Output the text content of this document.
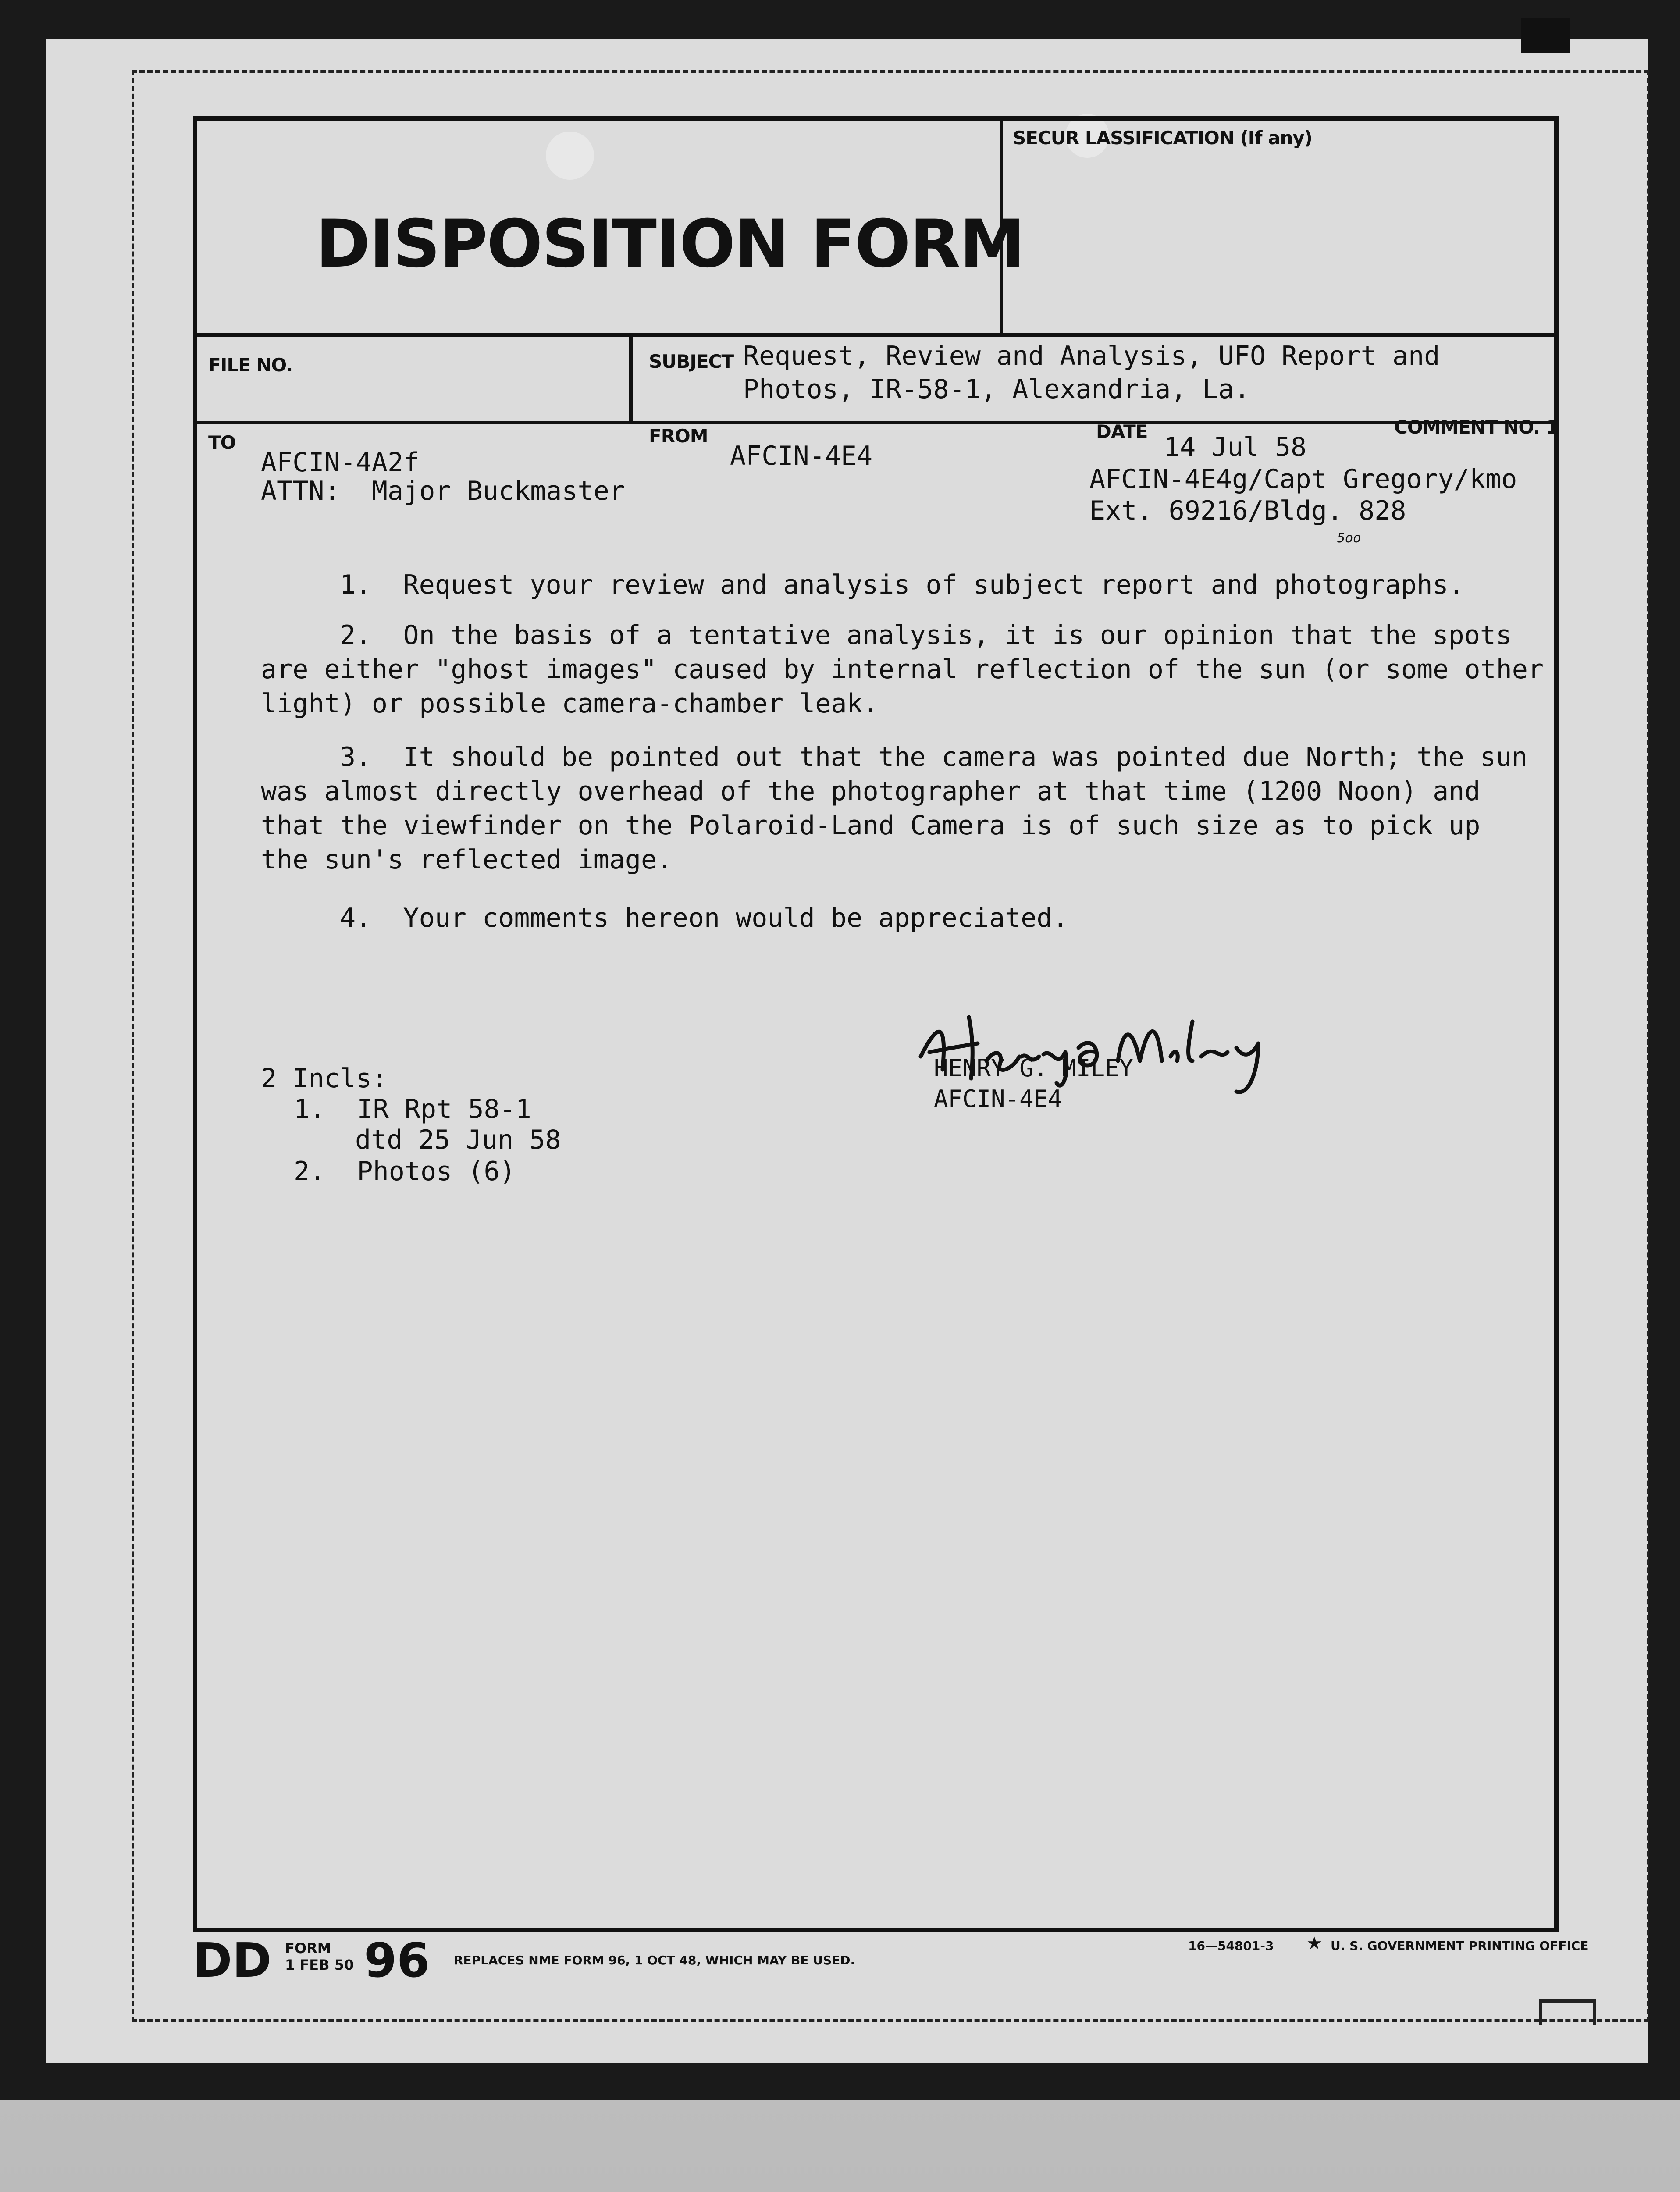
DISPOSITION FORM
SECUR LASSIFICATION (If any)
FILE NO.	SUBJECT Request, Review and Analysis, UFO Report and
Photos, IR-58-1, Alexandria, La.
TO
AFCIN-4A2f
ATTN:  Major Buckmaster
FROM
AFCIN-4E4
DATE
14 Jul 58
COMMENT NO. 1
AFCIN-4E4g/Capt Gregory/kmo
Ext. 69216/Bldg. 828
5oo
1.  Request your review and analysis of subject report and photographs.
2.  On the basis of a tentative analysis, it is our opinion that the spots
are either "ghost images" caused by internal reflection of the sun (or some other
light) or possible camera-chamber leak.
3.  It should be pointed out that the camera was pointed due North; the sun
was almost directly overhead of the photographer at that time (1200 Noon) and
that the viewfinder on the Polaroid-Land Camera is of such size as to pick up
the sun's reflected image.
4.  Your comments hereon would be appreciated.
HENRY G. MILEY
AFCIN-4E4
2 Incls:
1.  IR Rpt 58-1
dtd 25 Jun 58
2.  Photos (6)
DD FORM
1 FEB 50 96 REPLACES NME FORM 96, 1 OCT 48, WHICH MAY BE USED.
16—54801-3 ★ U. S. GOVERNMENT PRINTING OFFICE
